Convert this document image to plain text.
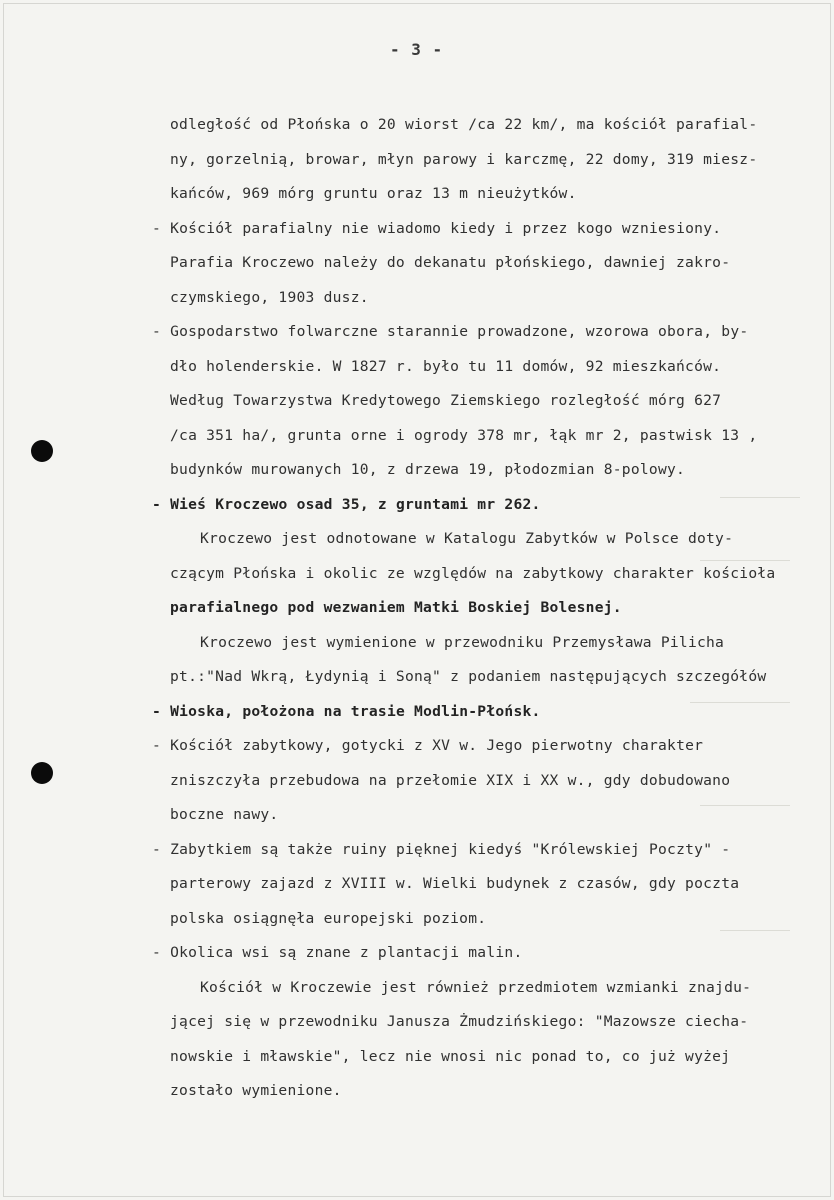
- 3 -
odległość od Płońska o 20 wiorst /ca 22 km/, ma kościół parafial-
ny, gorzelnią, browar, młyn parowy i karczmę, 22 domy, 319 miesz-
kańców, 969 mórg gruntu oraz 13 m nieużytków.
- Kościół parafialny nie wiadomo kiedy i przez kogo wzniesiony.
Parafia Kroczewo należy do dekanatu płońskiego, dawniej zakro-
czymskiego, 1903 dusz.
- Gospodarstwo folwarczne starannie prowadzone, wzorowa obora, by-
dło holenderskie. W 1827 r. było tu 11 domów, 92 mieszkańców.
Według Towarzystwa Kredytowego Ziemskiego rozległość mórg 627
/ca 351 ha/, grunta orne i ogrody 378 mr, łąk mr 2, pastwisk 13 ,
budynków murowanych 10, z drzewa 19, płodozmian 8-polowy.
- Wieś Kroczewo osad 35, z gruntami mr 262.
Kroczewo jest odnotowane w Katalogu Zabytków w Polsce doty-
czącym Płońska i okolic ze względów na zabytkowy charakter kościoła
parafialnego pod wezwaniem Matki Boskiej Bolesnej.
Kroczewo jest wymienione w przewodniku Przemysława Pilicha
pt.:"Nad Wkrą, Łydynią i Soną" z podaniem następujących szczegółów
- Wioska, położona na trasie Modlin-Płońsk.
- Kościół zabytkowy, gotycki z XV w. Jego pierwotny charakter
zniszczyła przebudowa na przełomie XIX i XX w., gdy dobudowano
boczne nawy.
- Zabytkiem są także ruiny pięknej kiedyś "Królewskiej Poczty" -
parterowy zajazd z XVIII w. Wielki budynek z czasów, gdy poczta
polska osiągnęła europejski poziom.
- Okolica wsi są znane z plantacji malin.
Kościół w Kroczewie jest również przedmiotem wzmianki znajdu-
jącej się w przewodniku Janusza Żmudzińskiego: "Mazowsze ciecha-
nowskie i mławskie", lecz nie wnosi nic ponad to, co już wyżej
zostało wymienione.
